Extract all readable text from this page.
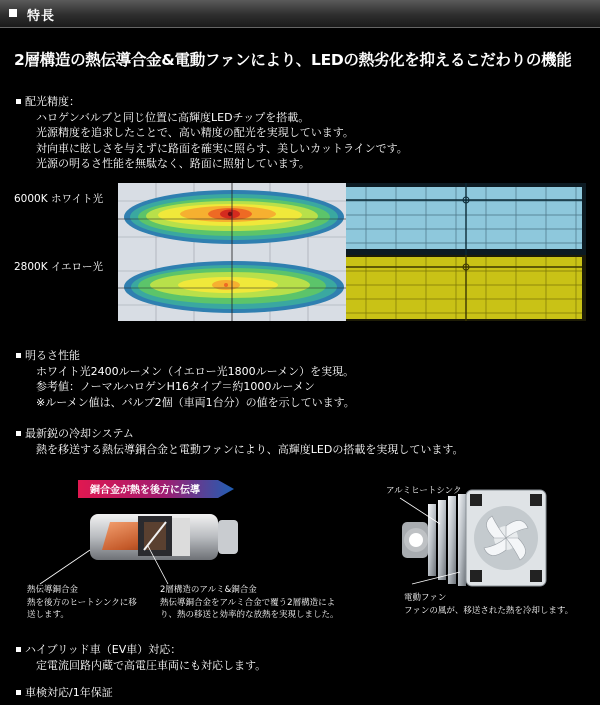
特長
2層構造の熱伝導合金&電動ファンにより、LEDの熱劣化を抑えるこだわりの機能
配光精度：
ハロゲンバルブと同じ位置に高輝度LEDチップを搭載。
光源精度を追求したことで、高い精度の配光を実現しています。
対向車に眩しさを与えずに路面を確実に照らす、美しいカットラインです。
光源の明るさ性能を無駄なく、路面に照射しています。
6000K ホワイト光
2800K イエロー光
明るさ性能
ホワイト光2400ルーメン（イエロー光1800ルーメン）を実現。
参考値：ノーマルハロゲンH16タイプ＝約1000ルーメン
※ルーメン値は、バルブ2個（車両1台分）の値を示しています。
最新鋭の冷却システム
熱を移送する熱伝導銅合金と電動ファンにより、高輝度LEDの搭載を実現しています。
銅合金が熱を後方に伝導	アルミヒートシンク
熱伝導銅合金
熱を後方のヒートシンクに移
送します。
2層構造のアルミ&銅合金
熱伝導銅合金をアルミ合金で覆う2層構造によ
り、熱の移送と効率的な放熱を実現しました。
電動ファン
ファンの風が、移送された熱を冷却します。
ハイブリッド車（EV車）対応：
定電流回路内蔵で高電圧車両にも対応します。
車検対応/1年保証
